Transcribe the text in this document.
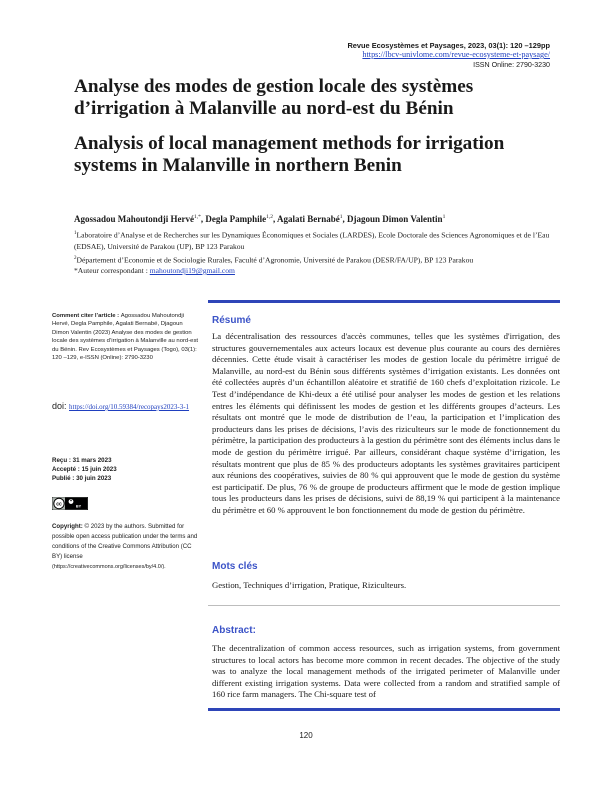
Revue Ecosystèmes et Paysages, 2023, 03(1): 120 –129pp
https://lbcv-univlome.com/revue-ecosysteme-et-paysage/
ISSN Online: 2790-3230
Analyse des modes de gestion locale des systèmes d’irrigation à Malanville au nord-est du Bénin
Analysis of local management methods for irrigation systems in Malanville in northern Benin
Agossadou Mahoutondji Hervé$^{1,*}$, Degla Pamphile$^{1,2}$, Agalati Bernabé$^1$, Djagoun Dimon Valentin$^1$
$^1$Laboratoire d’Analyse et de Recherches sur les Dynamiques Économiques et Sociales (LARDES), Ecole Doctorale des Sciences Agronomiques et de l’Eau (EDSAE), Université de Parakou (UP), BP 123 Parakou
$^2$Département d’Economie et de Sociologie Rurales, Faculté d’Agronomie, Université de Parakou (DESR/FA/UP), BP 123 Parakou
*Auteur correspondant : mahoutondji19@gmail.com
Comment citer l’article : Agossadou Mahoutondji Hervé, Degla Pamphile, Agalati Bernabé, Djagoun Dimon Valentin (2023) Analyse des modes de gestion locale des systèmes d’irrigation à Malanville au nord-est du Bénin. Rev Ecosystèmes et Paysages (Togo), 03(1): 120 –129, e-ISSN (Online): 2790-3230
doi: https://doi.org/10.59384/recopays2023-3-1
Reçu : 31 mars 2023
Accepté : 15 juin 2023
Publié : 30 juin 2023
cc	BY
Copyright: © 2023 by the authors. Submitted for possible open access publication under the terms and conditions of the Creative Commons Attribution (CC BY) license
(https://creativecommons.org/licenses/by/4.0/).
Résumé
La décentralisation des ressources d'accès communes, telles que les systèmes d'irrigation, des structures gouvernementales aux acteurs locaux est devenue plus courante au cours des dernières décennies. Cette étude visait à caractériser les modes de gestion locale du périmètre irrigué de Malanville, au nord-est du Bénin sous différents systèmes d’irrigation existants. Les données ont été collectées auprès d’un échantillon aléatoire et stratifié de 160 chefs d’exploitation rizicole. Le Test d’indépendance de Khi-deux a été utilisé pour analyser les modes de gestion et les relations entres les éléments qui définissent les modes de gestion et les différents groupes d’acteurs. Les résultats ont montré que le mode de distribution de l’eau, la participation et l’implication des producteurs dans les prises de décisions, l’avis des riziculteurs sur le mode de fonctionnement du périmètre, la participation des producteurs à la gestion du périmètre sont des éléments inclus dans le mode de gestion du périmètre irrigué. Par ailleurs, considérant chaque système d’irrigation, les résultats montrent que plus de 85 % des producteurs adoptants les systèmes gravitaires participent aux réunions des coopératives, suivies de 80 % qui approuvent que le mode de gestion du système est participatif. De plus, 76 % de groupe de producteurs affirment que le mode de gestion implique tous les producteurs dans les prises de décisions, suivi de 88,19 % qui participent à la maintenance du périmètre et 60 % approuvent le bon fonctionnement du mode de gestion du périmètre.
Mots clés
Gestion, Techniques d’irrigation, Pratique, Riziculteurs.
Abstract:
The decentralization of common access resources, such as irrigation systems, from government structures to local actors has become more common in recent decades. The objective of the study was to analyze the local management methods of the irrigated perimeter of Malanville under different existing irrigation systems. Data were collected from a random and stratified sample of 160 rice farm managers. The Chi-square test of
120
